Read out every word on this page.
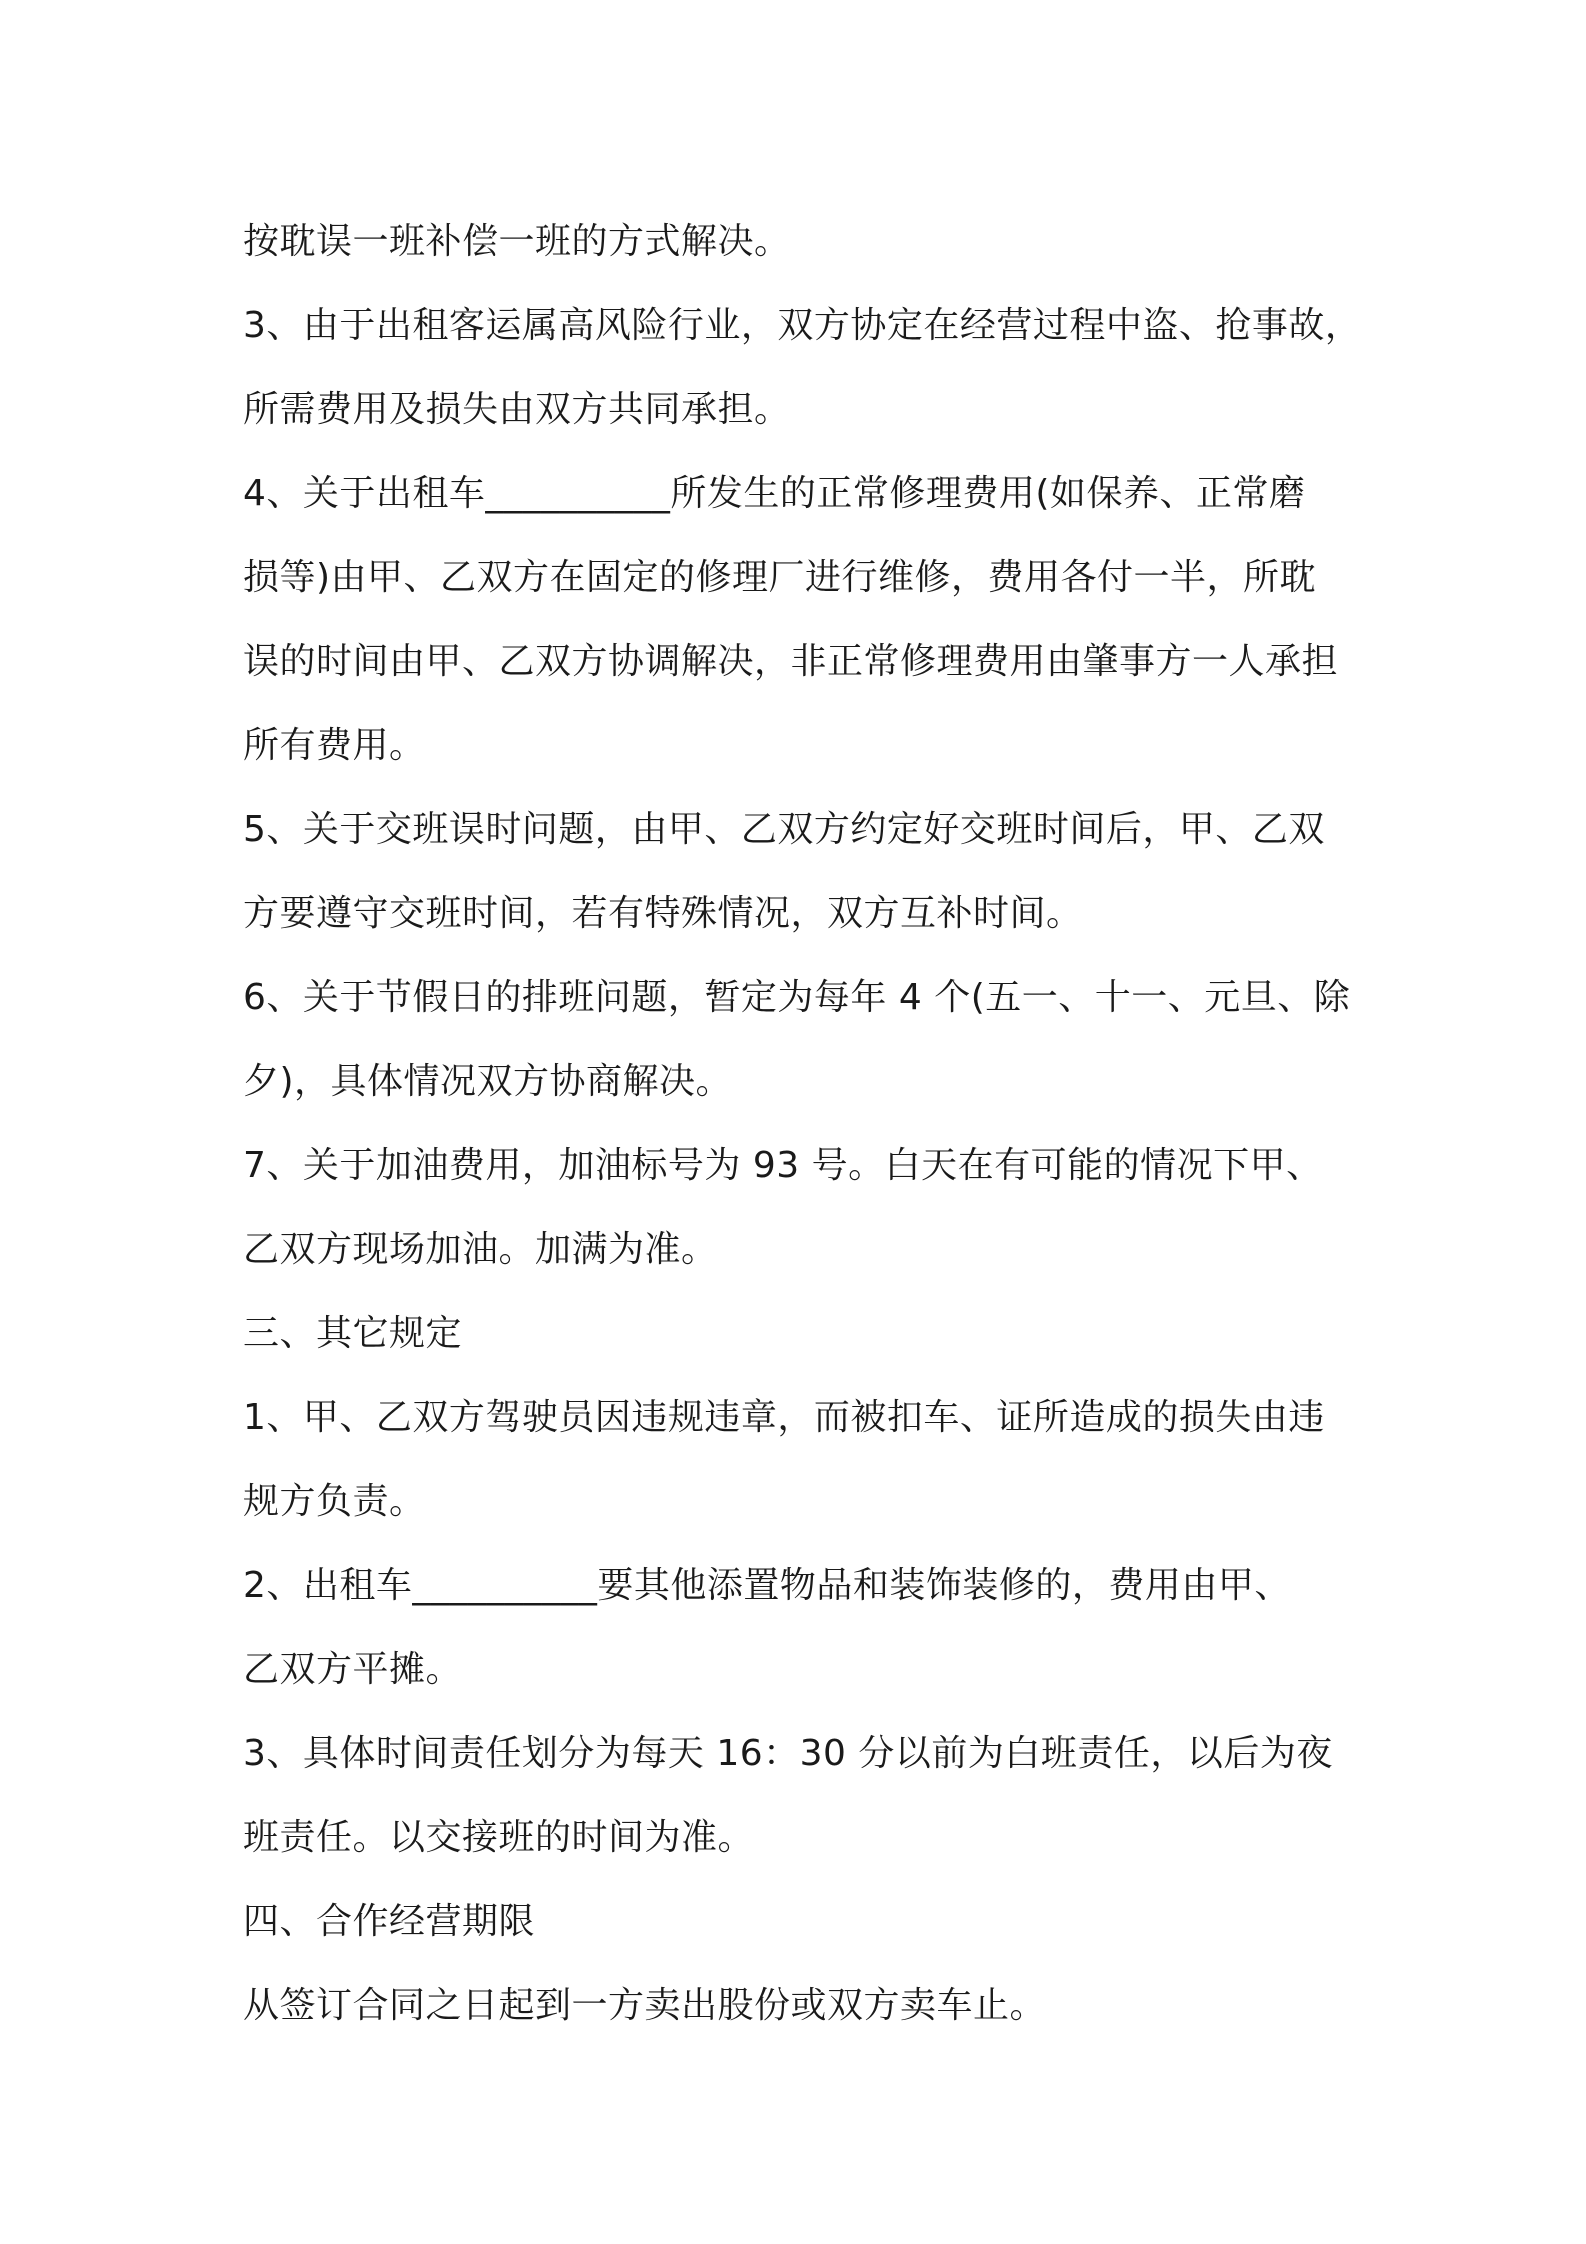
按耽误一班补偿一班的方式解决。
3、由于出租客运属高风险行业，双方协定在经营过程中盗、抢事故，
所需费用及损失由双方共同承担。
4、关于出租车__________所发生的正常修理费用(如保养、正常磨
损等)由甲、乙双方在固定的修理厂进行维修，费用各付一半，所耽
误的时间由甲、乙双方协调解决，非正常修理费用由肇事方一人承担
所有费用。
5、关于交班误时问题，由甲、乙双方约定好交班时间后，甲、乙双
方要遵守交班时间，若有特殊情况，双方互补时间。
6、关于节假日的排班问题，暂定为每年 4 个(五一、十一、元旦、除
夕)，具体情况双方协商解决。
7、关于加油费用，加油标号为 93 号。白天在有可能的情况下甲、
乙双方现场加油。加满为准。
三、其它规定
1、甲、乙双方驾驶员因违规违章，而被扣车、证所造成的损失由违
规方负责。
2、出租车__________要其他添置物品和装饰装修的，费用由甲、
乙双方平摊。
3、具体时间责任划分为每天 16：30 分以前为白班责任，以后为夜
班责任。以交接班的时间为准。
四、合作经营期限
从签订合同之日起到一方卖出股份或双方卖车止。
